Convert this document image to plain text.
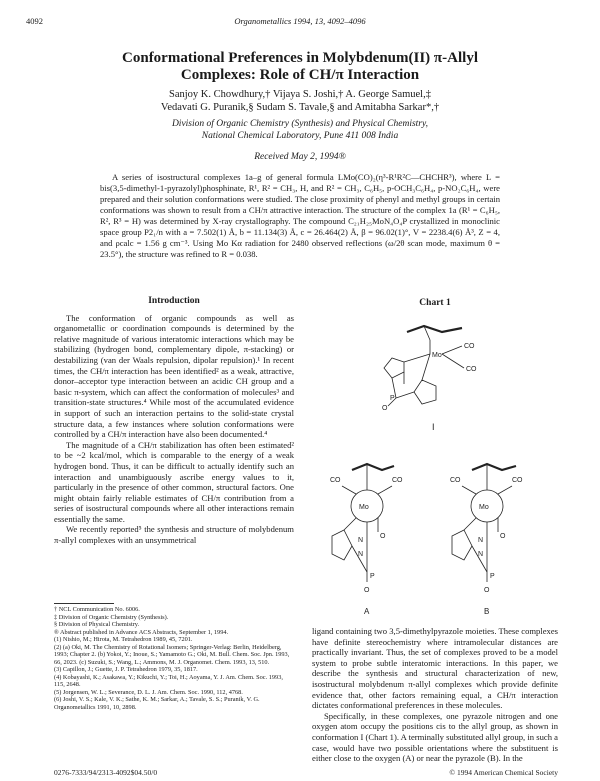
4092	Organometallics 1994, 13, 4092–4096
Conformational Preferences in Molybdenum(II) π-Allyl
Complexes: Role of CH/π Interaction
Sanjoy K. Chowdhury,† Vijaya S. Joshi,† A. George Samuel,‡
Vedavati G. Puranik,§ Sudam S. Tavale,§ and Amitabha Sarkar*,†
Division of Organic Chemistry (Synthesis) and Physical Chemistry,
National Chemical Laboratory, Pune 411 008 India
Received May 2, 1994®

A series of isostructural complexes 1a–g of general formula LMo(CO)₂(η³-R¹R²C—CHCHR³), where L = bis(3,5-dimethyl-1-pyrazolyl)phosphinate, R¹, R² = CH₃, H, and R² = CH₃, C₆H₅, p-OCH₃C₆H₄, p-NO₂C₆H₄, were prepared and their solution conformations were studied. The close proximity of phenyl and methyl groups in certain conformations was shown to result from a CH/π attractive interaction. The structure of the complex 1a (R¹ = C₆H₅, R², R³ = H) was determined by X-ray crystallography. The compound C₂₁H₂₅MoN₄O₄P crystallized in monoclinic space group P2₁/n with a = 7.502(1) Å, b = 11.134(3) Å, c = 26.464(2) Å, β = 96.02(1)°, V = 2238.4(6) Å³, Z = 4, and ρcalc = 1.56 g cm⁻³. Using Mo Kα radiation for 2480 observed reflections (ω/2θ scan mode, maximum θ = 23.5°), the structure was refined to R = 0.038.

Introduction

The conformation of organic compounds as well as organometallic or coordination compounds is determined by the relative magnitude of various interatomic interactions which may be stabilizing (hydrogen bond, complementary dipole, π-stacking) or destabilizing (van der Waals repulsion, dipolar repulsion).¹ In recent times, the CH/π interaction has been identified² as a weak, attractive, donor–acceptor type interaction between an acidic CH group and a basic π-system, which can affect the conformation of molecules³ and transition-state structures.⁴ While most of the accumulated evidence in support of such an interaction pertains to the solid-state crystal structure data, a few instances where solution conformations were controlled by a CH/π interaction have also been documented.⁴

The magnitude of a CH/π stabilization has often been estimated² to be ~2 kcal/mol, which is comparable to the energy of a weak hydrogen bond. Thus, it can be difficult to actually identify such an interaction and unambiguously ascribe energy values to it, particularly in the presence of other common, structural factors. One might obtain fairly reliable estimates of CH/π contribution from a series of isostructural compounds where all other interactions remain essentially the same.

We recently reported⁵ the synthesis and structure of molybdenum π-allyl complexes with an unsymmetrical

† NCL Communication No. 6006.
‡ Division of Organic Chemistry (Synthesis).
§ Division of Physical Chemistry.
® Abstract published in Advance ACS Abstracts, September 1, 1994.
(1) Nishio, M.; Hirota, M. Tetrahedron 1989, 45, 7201.
(2) (a) Oki, M. The Chemistry of Rotational Isomers; Springer-Verlag: Berlin, Heidelberg, 1993; Chapter 2. (b) Yokoi, Y.; Inoue, S.; Yamamoto G.; Oki, M. Bull. Chem. Soc. Jpn. 1993, 66, 2023. (c) Suzuki, S.; Wang, L.; Ammons, M. J. Organomet. Chem. 1993, 13, 510.
(3) Capillon, J.; Guette, J. P. Tetrahedron 1979, 35, 1817.
(4) Kobayashi, K.; Asakawa, Y.; Kikuchi, Y.; Toi, H.; Aoyama, Y. J. Am. Chem. Soc. 1993, 115, 2648.
(5) Jorgensen, W. L.; Severance, D. L. J. Am. Chem. Soc. 1990, 112, 4768.
(6) Joshi, V. S.; Kale, V. K.; Sathe, K. M.; Sarkar, A.; Tavale, S. S.; Puranik, V. G. Organometallics 1991, 10, 2898.
Chart 1
Mo
CO
CO
P
O
I
CO	CO
Mo
O
N
N
P
O
A
CO	CO
Mo
O
N
N
P
O
B

ligand containing two 3,5-dimethylpyrazole moieties. These complexes have definite stereochemistry where intramolecular distances are practically invariant. Thus, the set of complexes proved to be a model system to probe subtle interatomic interactions. In this paper, we describe the synthesis and structural characterization of new, isostructural molybdenum π-allyl complexes which provide definite evidence that, other factors remaining equal, a CH/π interaction dictates conformational preferences in these molecules.

Specifically, in these complexes, one pyrazole nitrogen and one oxygen atom occupy the positions cis to the allyl group, as shown in conformation I (Chart 1). A terminally substituted allyl group, in such a case, would have two possible orientations where the substituent is either close to the oxygen (A) or near the pyrazole (B). In the

0276-7333/94/2313-4092$04.50/0	© 1994 American Chemical Society
